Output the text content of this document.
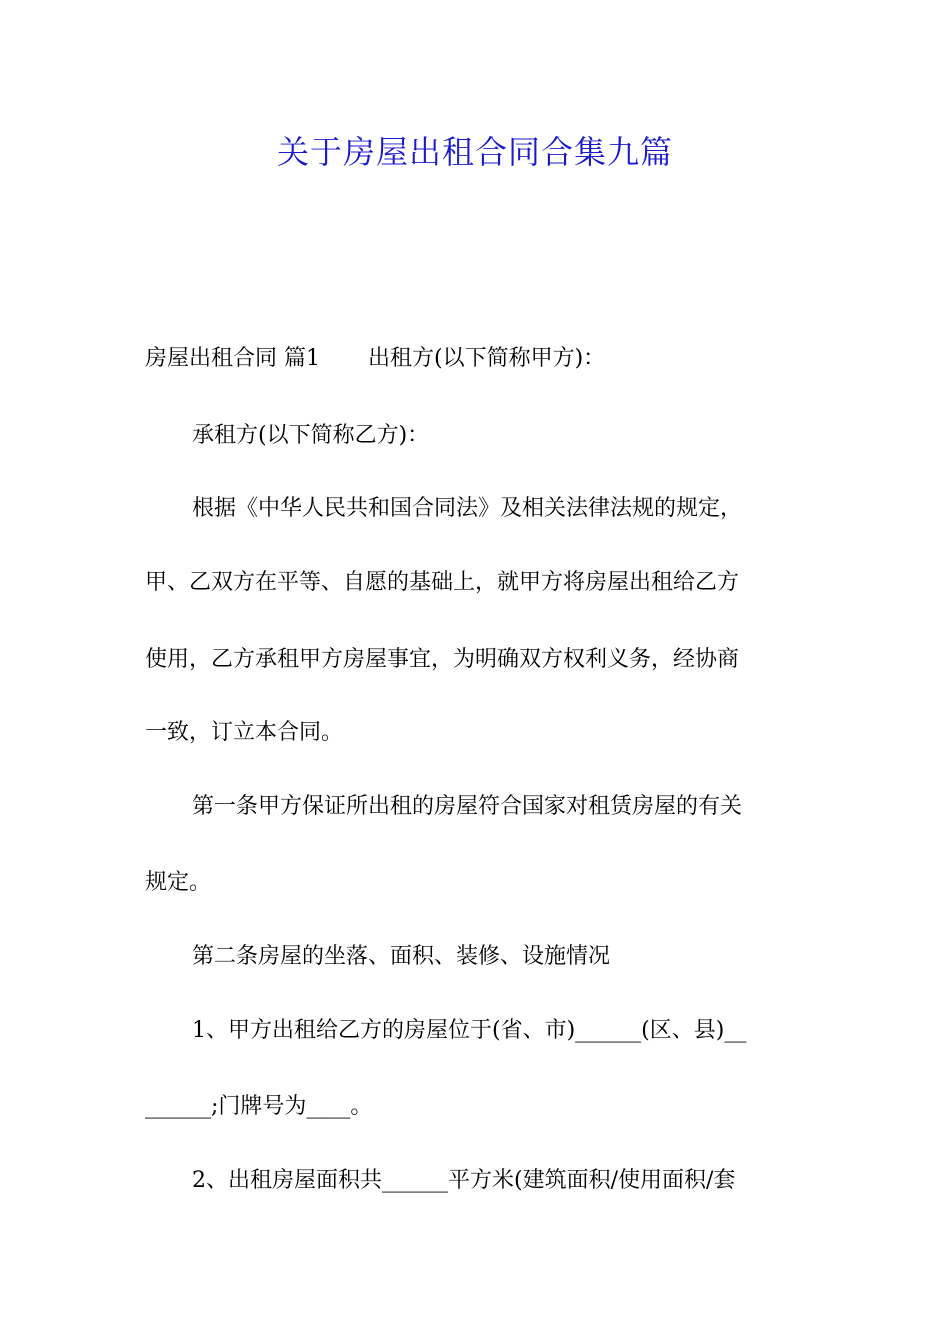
关于房屋出租合同合集九篇
房屋出租合同 篇1 出租方(以下简称甲方)：
承租方(以下简称乙方)：
根据《中华人民共和国合同法》及相关法律法规的规定，
甲、乙双方在平等、自愿的基础上，就甲方将房屋出租给乙方
使用，乙方承租甲方房屋事宜，为明确双方权利义务，经协商
一致，订立本合同。
第一条甲方保证所出租的房屋符合国家对租赁房屋的有关
规定。
第二条房屋的坐落、面积、装修、设施情况
1、甲方出租给乙方的房屋位于(省、市)______(区、县)__
______;门牌号为____。
2、出租房屋面积共______平方米(建筑面积/使用面积/套
